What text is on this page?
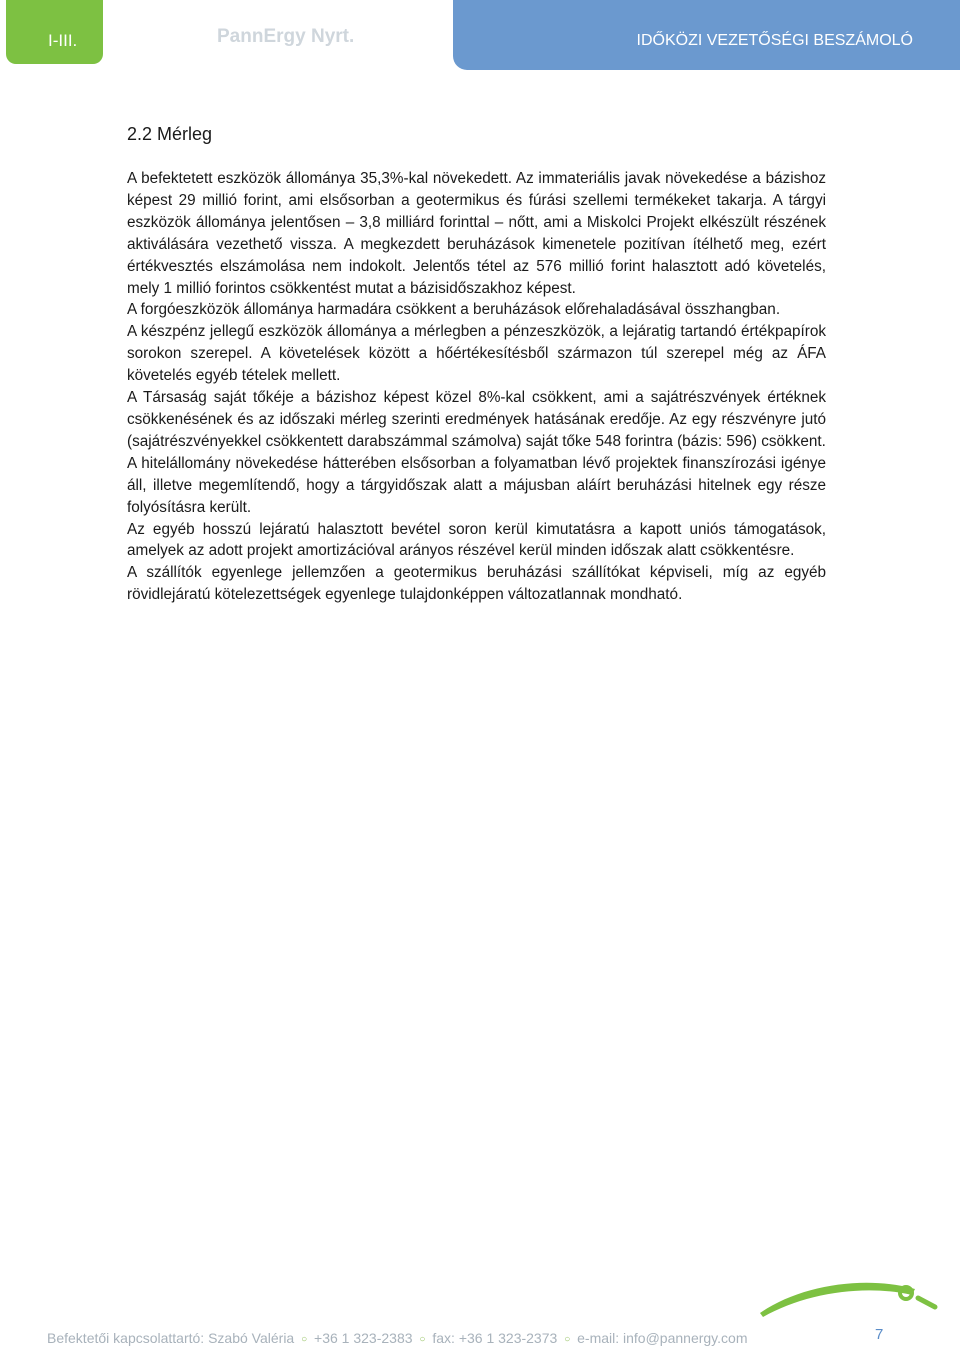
I-III.	PannErgy Nyrt.	IDŐKÖZI VEZETŐSÉGI BESZÁMOLÓ
2.2 Mérleg

A befektetett eszközök állománya 35,3%-kal növekedett. Az immateriális javak növekedése a bázishoz képest 29 millió forint, ami elsősorban a geotermikus és fúrási szellemi termékeket takarja. A tárgyi eszközök állománya jelentősen – 3,8 milliárd forinttal – nőtt, ami a Miskolci Projekt elkészült részének aktiválására vezethető vissza. A megkezdett beruházások kimenetele pozitívan ítélhető meg, ezért értékvesztés elszámolása nem indokolt. Jelentős tétel az 576 millió forint halasztott adó követelés, mely 1 millió forintos csökkentést mutat a bázisidőszakhoz képest.

A forgóeszközök állománya harmadára csökkent a beruházások előrehaladásával összhangban.

A készpénz jellegű eszközök állománya a mérlegben a pénzeszközök, a lejáratig tartandó értékpapírok sorokon szerepel. A követelések között a hőértékesítésből származon túl szerepel még az ÁFA követelés egyéb tételek mellett.

A Társaság saját tőkéje a bázishoz képest közel 8%-kal csökkent, ami a sajátrészvények értéknek csökkenésének és az időszaki mérleg szerinti eredmények hatásának eredője. Az egy részvényre jutó (sajátrészvényekkel csökkentett darabszámmal számolva) saját tőke 548 forintra (bázis: 596) csökkent.

A hitelállomány növekedése hátterében elsősorban a folyamatban lévő projektek finanszírozási igénye áll, illetve megemlítendő, hogy a tárgyidőszak alatt a májusban aláírt beruházási hitelnek egy része folyósításra került.

Az egyéb hosszú lejáratú halasztott bevétel soron kerül kimutatásra a kapott uniós támogatások, amelyek az adott projekt amortizációval arányos részével kerül minden időszak alatt csökkentésre.

A szállítók egyenlege jellemzően a geotermikus beruházási szállítókat képviseli, míg az egyéb rövidlejáratú kötelezettségek egyenlege tulajdonképpen változatlannak mondható.

Befektetői kapcsolattartó: Szabó Valéria ○ +36 1 323-2383 ○ fax: +36 1 323-2373 ○ e-mail: info@pannergy.com	7
